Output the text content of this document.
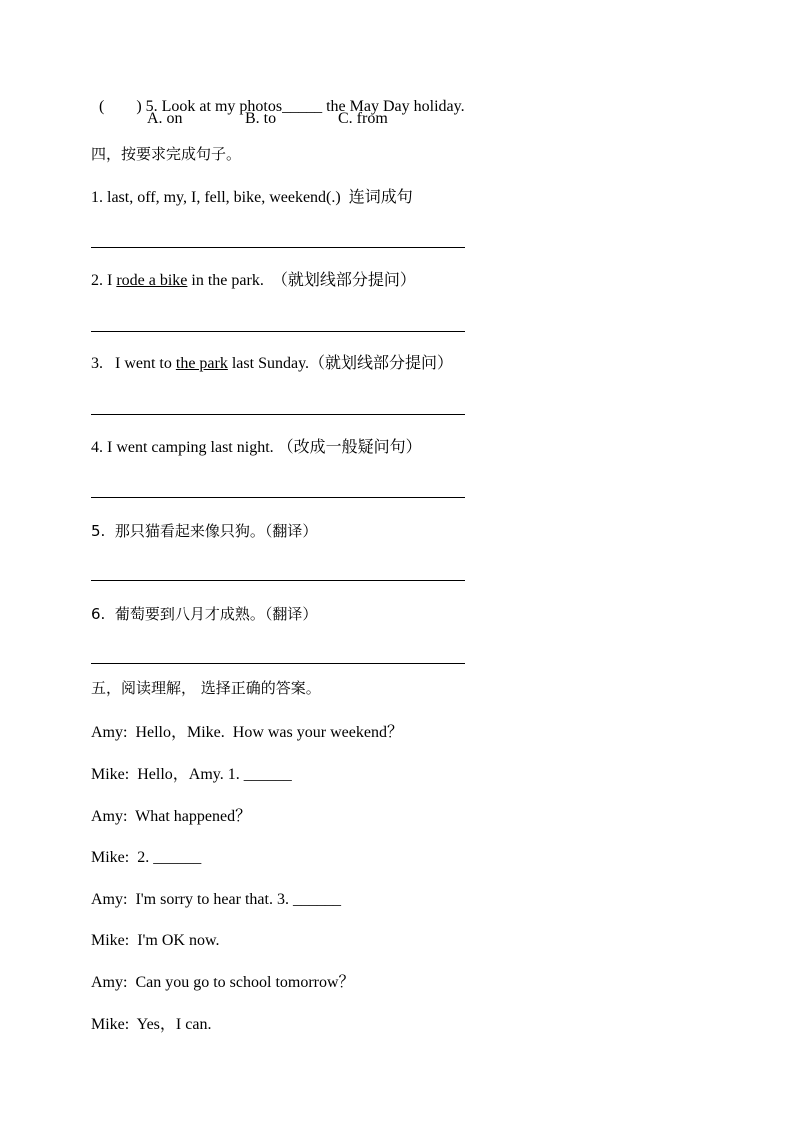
(        ) 5. Look at my photos_____ the May Day holiday.

A. on	B. to	C. from
四，按要求完成句子。
1. last, off, my, I, fell, bike, weekend(.)  连词成句
2. I rode a bike in the park.  （就划线部分提问）
3.   I went to the park last Sunday.（就划线部分提问）
4. I went camping last night. （改成一般疑问句）
5.  那只猫看起来像只狗。（翻译）
6.  葡萄要到八月才成熟。（翻译）
五，阅读理解， 选择正确的答案。
Amy:  Hello，Mike.  How was your weekend？
Mike:  Hello，Amy. 1. ______
Amy:  What happened？
Mike:  2. ______
Amy:  I'm sorry to hear that. 3. ______
Mike:  I'm OK now.
Amy:  Can you go to school tomorrow？
Mike:  Yes，I can.
